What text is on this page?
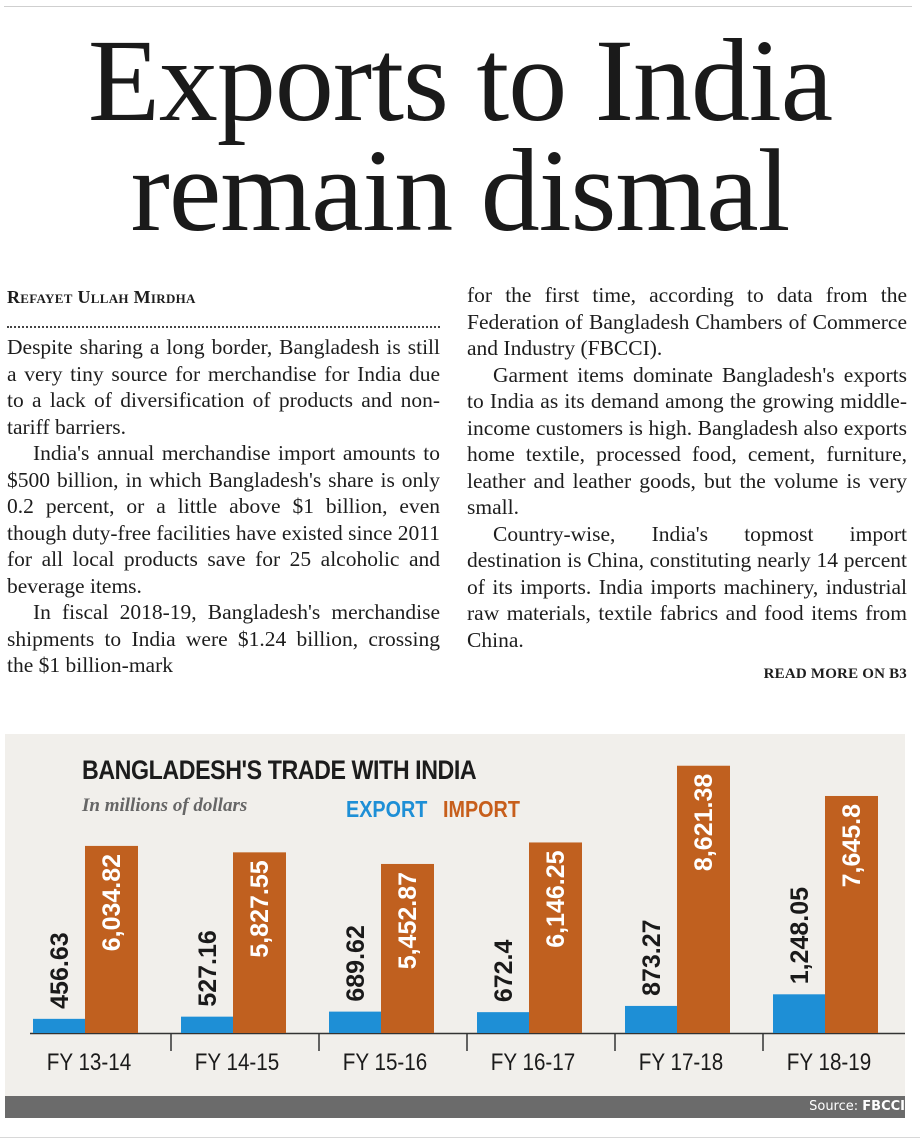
Exports to India
remain dismal
Refayet Ullah Mirdha

Despite sharing a long border, Bangladesh is still a very tiny source for merchandise for India due to a lack of diversification of products and non-tariff barriers.

India's annual merchandise import amounts to $500 billion, in which Bangladesh's share is only 0.2 percent, or a little above $1 billion, even though duty-free facilities have existed since 2011 for all local products save for 25 alcoholic and beverage items.

In fiscal 2018-19, Bangladesh's merchandise shipments to India were $1.24 billion, crossing the $1 billion-mark

for the first time, according to data from the Federation of Bangladesh Chambers of Commerce and Industry (FBCCI).

Garment items dominate Bangladesh's exports to India as its demand among the growing middle-income customers is high. Bangladesh also exports home textile, processed food, cement, furniture, leather and leather goods, but the volume is very small.

Country-wise, India's topmost import destination is China, constituting nearly 14 percent of its imports. India imports machinery, industrial raw materials, textile fabrics and food items from China.

READ MORE ON B3

Source: FBCCI
BANGLADESH'S TRADE WITH INDIA
In millions of dollars	EXPORT IMPORT
456.63
6,034.82
FY 13-14
527.16
5,827.55
FY 14-15
689.62 5,452.87
FY 15-16
672.4
6,146.25
FY 16-17
873.27
8,621.38
FY 17-18
1,248.05
7,645.8
FY 18-19
